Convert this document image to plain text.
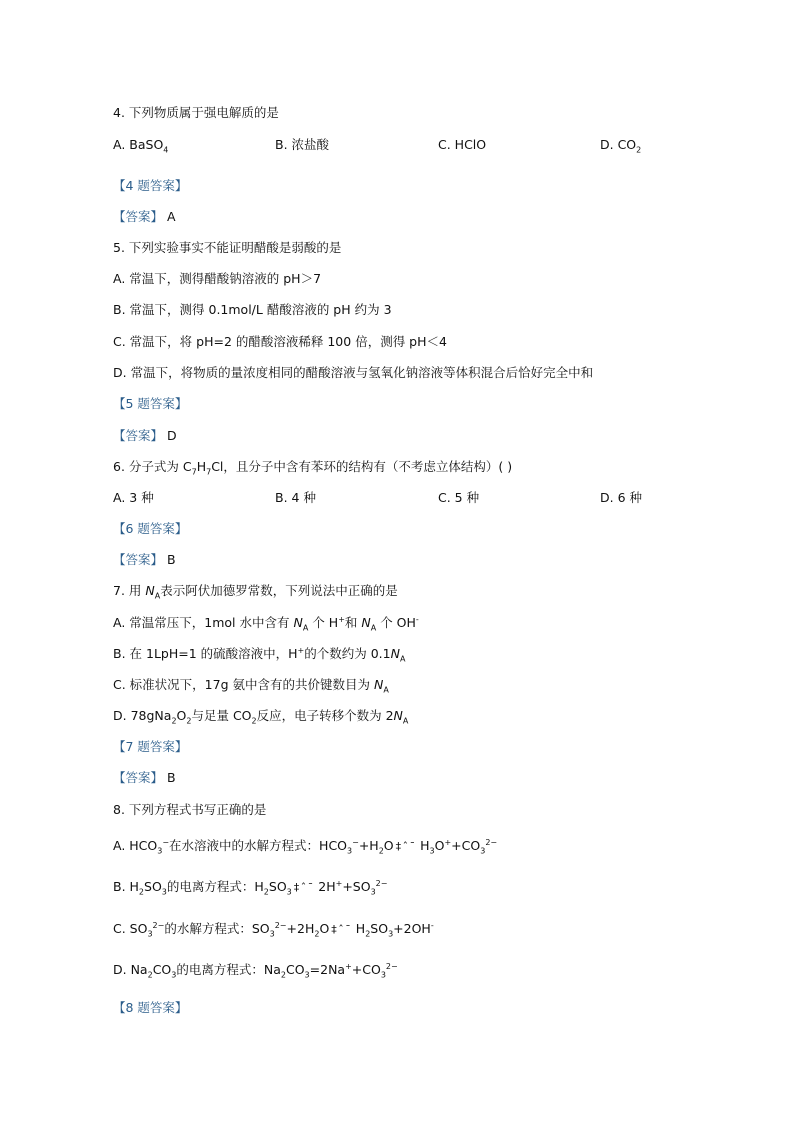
4. 下列物质属于强电解质的是
A. BaSO$_4$	B. 浓盐酸	C. HClO	D. $CO_2$
【4 题答案】
【答案】 A
5. 下列实验事实不能证明醋酸是弱酸的是
A. 常温下，测得醋酸钠溶液的 pH＞7
B. 常温下，测得 0.1mol/L 醋酸溶液的 pH 约为 3
C. 常温下，将 pH=2 的醋酸溶液稀释 100 倍，测得 pH＜4
D. 常温下，将物质的量浓度相同的醋酸溶液与氢氧化钠溶液等体积混合后恰好完全中和
【5 题答案】
【答案】 D
6. 分子式为 $C_7H_7Cl$，且分子中含有苯环的结构有（不考虑立体结构）( )
A. 3 种	B. 4 种	C. 5 种	D. 6 种
【6 题答案】
【答案】 B
7. 用 $N_A$表示阿伏加德罗常数，下列说法中正确的是
A. 常温常压下，1mol 水中含有 $N_A$ 个 H+和 $N_A$ 个 OH-
B. 在 1LpH=1 的硫酸溶液中，H+的个数约为 $0.1N_A$
C. 标准状况下，17g 氨中含有的共价键数目为 $N_A$
D. $78gNa_2O_2$与足量 $CO_2$反应，电子转移个数为 $2N_A$
【7 题答案】
【答案】 B
8. 下列方程式书写正确的是
A. $HCO_3^-$在水溶液中的水解方程式：$HCO_3^-+H_2O$ ‡ ˆ ˉ $H_3O^++CO_3^{2-}$
B. $H_2SO_3$的电离方程式：$H_2SO_3$ ‡ ˆ ˉ $2H^++SO_3^{2-}$
C. $SO_3^{2-}$的水解方程式：$SO_3^{2-}+2H_2O$ ‡ ˆ ˉ $H_2SO_3+2OH^-$
D. $Na_2CO_3$的电离方程式：$Na_2CO_3=2Na^++CO_3^{2-}$
【8 题答案】
